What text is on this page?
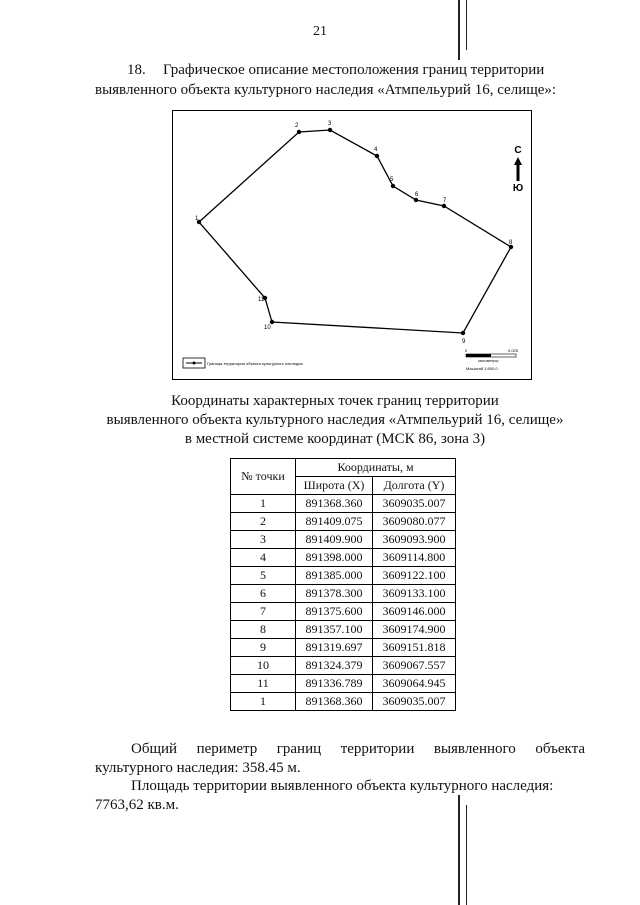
21
18. Графическое описание местоположения границ территории
выявленного объекта культурного наследия «Атмпельурий 16, селище»:
1
2	3
4
5
6
7
8
9
10
11
С
Ю
Граница территории объекта культурного наследия
0	0,025
километры
Масштаб 1:500,0
Координаты характерных точек границ территории
выявленного объекта культурного наследия «Атмпельурий 16, селище»
в местной системе координат (МСК 86, зона 3)
№ точки	Координаты, м	
	Широта (X)	Долгота (Y)
1	891368.360	3609035.007
2	891409.075	3609080.077
3	891409.900	3609093.900
4	891398.000	3609114.800
5	891385.000	3609122.100
6	891378.300	3609133.100
7	891375.600	3609146.000
8	891357.100	3609174.900
9	891319.697	3609151.818
10	891324.379	3609067.557
11	891336.789	3609064.945
1	891368.360	3609035.007
Общий периметр границ территории выявленного объекта
культурного наследия: 358.45 м.
Площадь территории выявленного объекта культурного наследия:
7763,62 кв.м.
